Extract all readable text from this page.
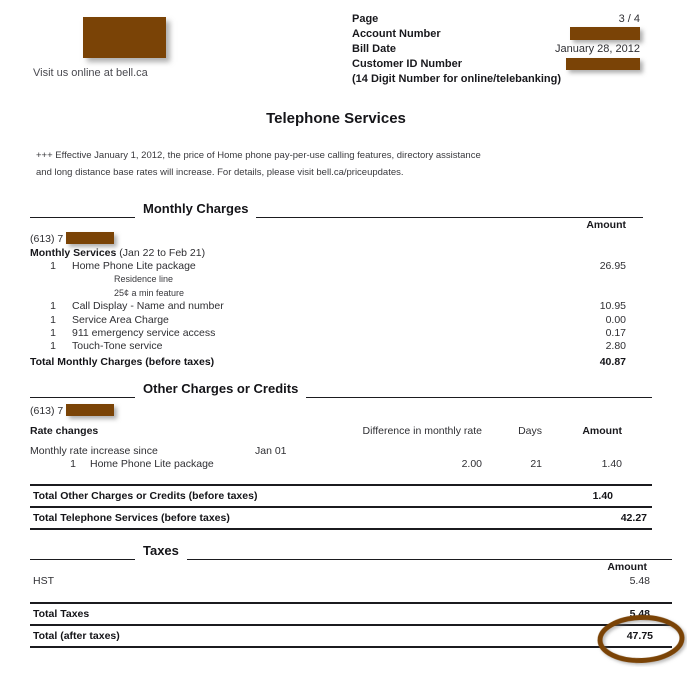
Visit us online at bell.ca
Page	3 / 4
Account Number
Bill Date	January 28, 2012
Customer ID Number
(14 Digit Number for online/telebanking)
Telephone Services
+++ Effective January 1, 2012, the price of Home phone pay-per-use calling features, directory assistance
and long distance base rates will increase. For details, please visit bell.ca/priceupdates.
Monthly Charges
Amount
(613) 7
Monthly Services (Jan 22 to Feb 21)
1 Home Phone Lite package	26.95
Residence line
25¢ a min feature
1 Call Display - Name and number	10.95
1 Service Area Charge	0.00
1 911 emergency service access	0.17
1 Touch-Tone service	2.80
Total Monthly Charges (before taxes)	40.87
Other Charges or Credits
(613) 7
Rate changes	Difference in monthly rate	Days	Amount
Monthly rate increase since	Jan 01
1 Home Phone Lite package	2.00	21	1.40
Total Other Charges or Credits (before taxes)	1.40
Total Telephone Services (before taxes)	42.27
Taxes
Amount
HST	5.48
Total Taxes	5.48
Total (after taxes)	47.75
